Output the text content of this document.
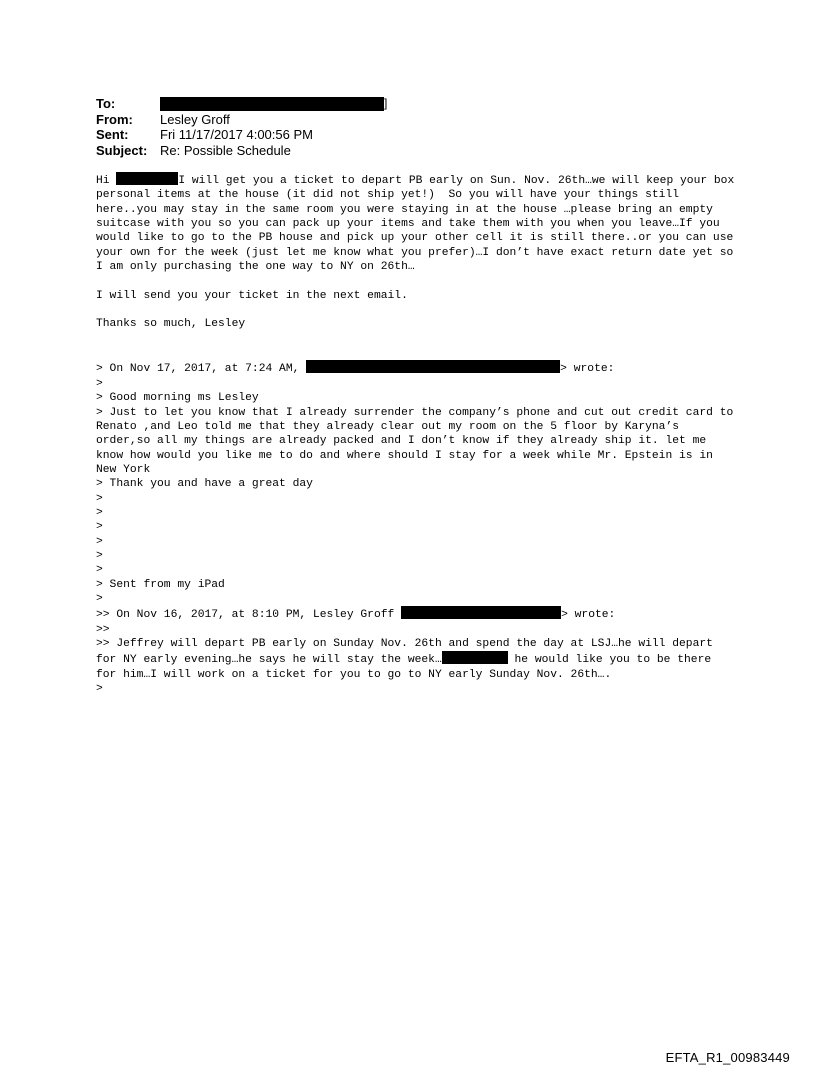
To:	]
From:	Lesley Groff
Sent:	Fri 11/17/2017 4:00:56 PM
Subject: Re: Possible Schedule

Hi	I will get you a ticket to depart PB early on Sun. Nov. 26th…we will keep your box personal items at the house (it did not ship yet!)  So you will have your things still here..you may stay in the same room you were staying in at the house …please bring an empty suitcase with you so you can pack up your items and take them with you when you leave…If you would like to go to the PB house and pick up your other cell it is still there..or you can use your own for the week (just let me know what you prefer)…I don’t have exact return date yet so I am only purchasing the one way to NY on 26th…

I will send you your ticket in the next email.

Thanks so much, Lesley

> On Nov 17, 2017, at 7:24 AM,	> wrote:

>
> Good morning ms Lesley
> Just to let you know that I already surrender the company’s phone and cut out credit card to Renato ,and Leo told me that they already clear out my room on the 5 floor by Karyna’s order,so all my things are already packed and I don’t know if they already ship it. let me know how would you like me to do and where should I stay for a week while Mr. Epstein is in New York
> Thank you and have a great day
>
>
>
>
>
>
> Sent from my iPad
>

>> On Nov 16, 2017, at 8:10 PM, Lesley Groff	> wrote:

>>
>> Jeffrey will depart PB early on Sunday Nov. 26th and spend the day at LSJ…he will depart for NY early evening…he says he will stay the week…	he would like you to be there for him…I will work on a ticket for you to go to NY early Sunday Nov. 26th….
>

EFTA_R1_00983449
